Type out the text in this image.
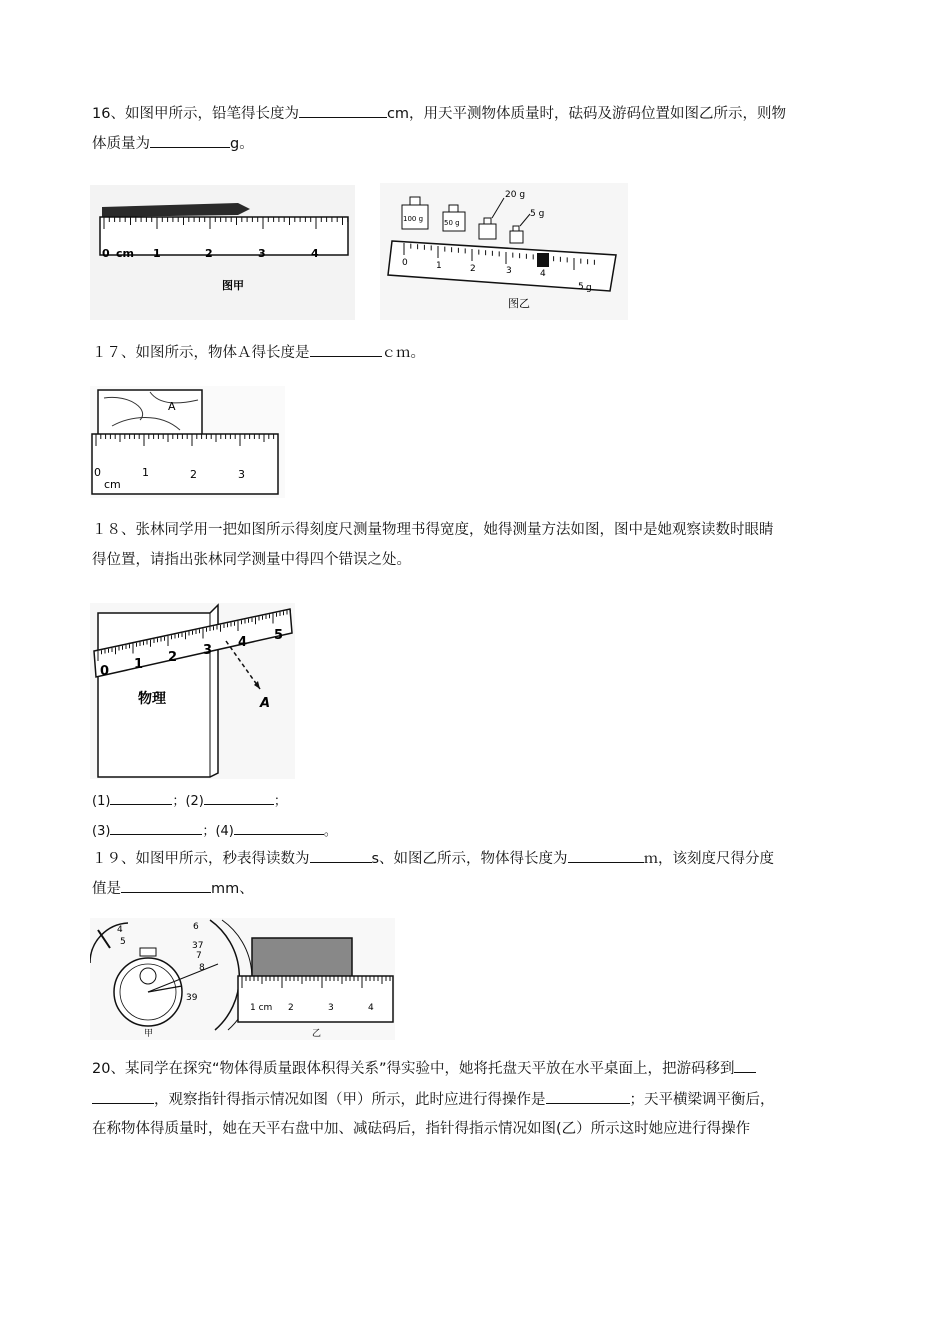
16、如图甲所示，铅笔得长度为	cm，用天平测物体质量时，砝码及游码位置如图乙所示，则物
体质量为	g。
0 cm	2	3	4
1
图甲
100 g	50 g
20 g
5 g
0	1	2	3	4
5 g
图乙
１７、如图所示，物体Ａ得长度是	ｃｍ。
A
0	1	2	3
cm
１８、张林同学用一把如图所示得刻度尺测量物理书得宽度，她得测量方法如图，图中是她观察读数时眼睛
得位置，请指出张林同学测量中得四个错误之处。
物理
0 1 2 3
4 5
A
(1)	；(2)	；
(3)	；(4)	。
１９、如图甲所示，秒表得读数为	s、如图乙所示，物体得长度为	ｍ，该刻度尺得分度
值是	mm、
4
5
6
37
7
8
39
甲
1 cm 2	3	4
乙
20、某同学在探究“物体得质量跟体积得关系”得实验中，她将托盘天平放在水平桌面上，把游码移到
，观察指针得指示情况如图（甲）所示，此时应进行得操作是	；天平横梁调平衡后，
在称物体得质量时，她在天平右盘中加、减砝码后，指针得指示情况如图(乙）所示这时她应进行得操作
